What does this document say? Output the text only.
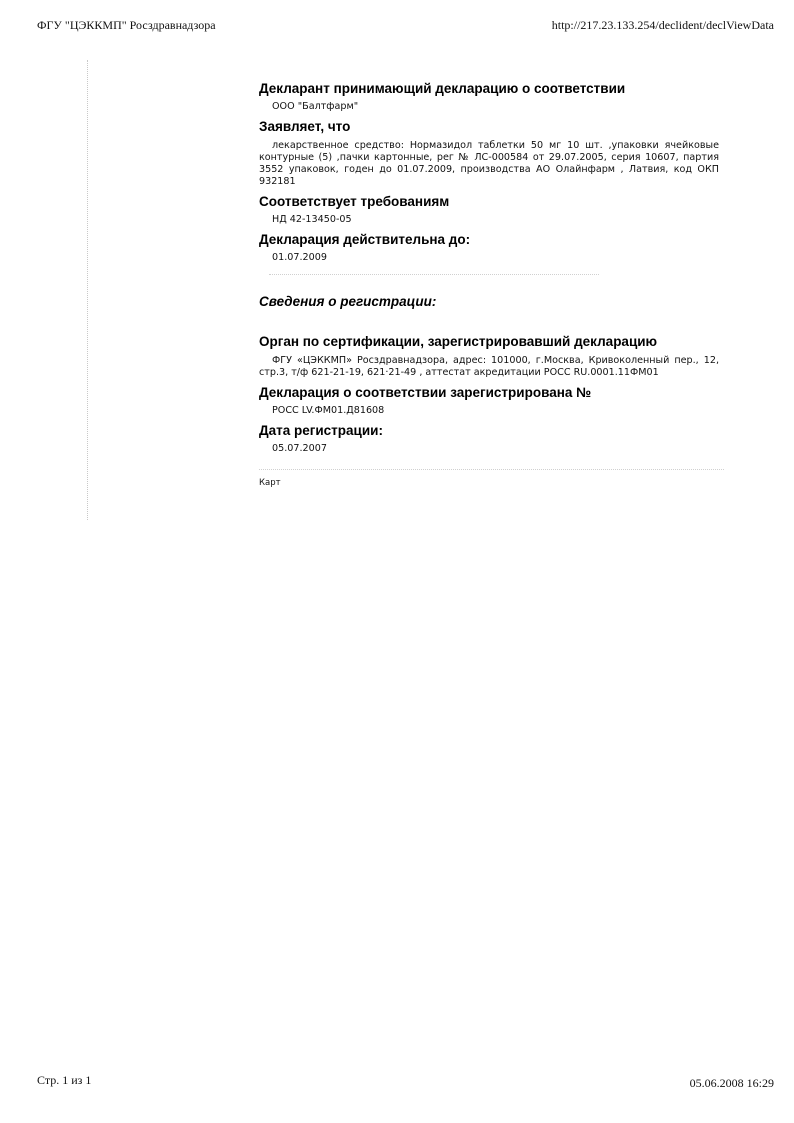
ФГУ "ЦЭККМП" Росздравнадзора	http://217.23.133.254/declident/declViewData
Декларант принимающий декларацию о соответствии
ООО "Балтфарм"
Заявляет, что
лекарственное средство: Нормазидол таблетки 50 мг 10 шт. ,упаковки ячейковые контурные (5) ,пачки картонные, рег № ЛС-000584 от 29.07.2005, серия 10607, партия 3552 упаковок, годен до 01.07.2009, производства АО Олайнфарм , Латвия, код ОКП 932181
Соответствует требованиям
НД 42-13450-05
Декларация действительна до:
01.07.2009
Сведения о регистрации:
Орган по сертификации, зарегистрировавший декларацию
ФГУ «ЦЭККМП» Росздравнадзора, адрес: 101000, г.Москва, Кривоколенный пер., 12, стр.3, т/ф 621-21-19, 621·21-49 , аттестат акредитации РОСС RU.0001.11ФМ01
Декларация о соответствии зарегистрирована №
РОСС LV.ФМ01.Д81608
Дата регистрации:
05.07.2007
Карт
Стр. 1 из 1	05.06.2008 16:29
